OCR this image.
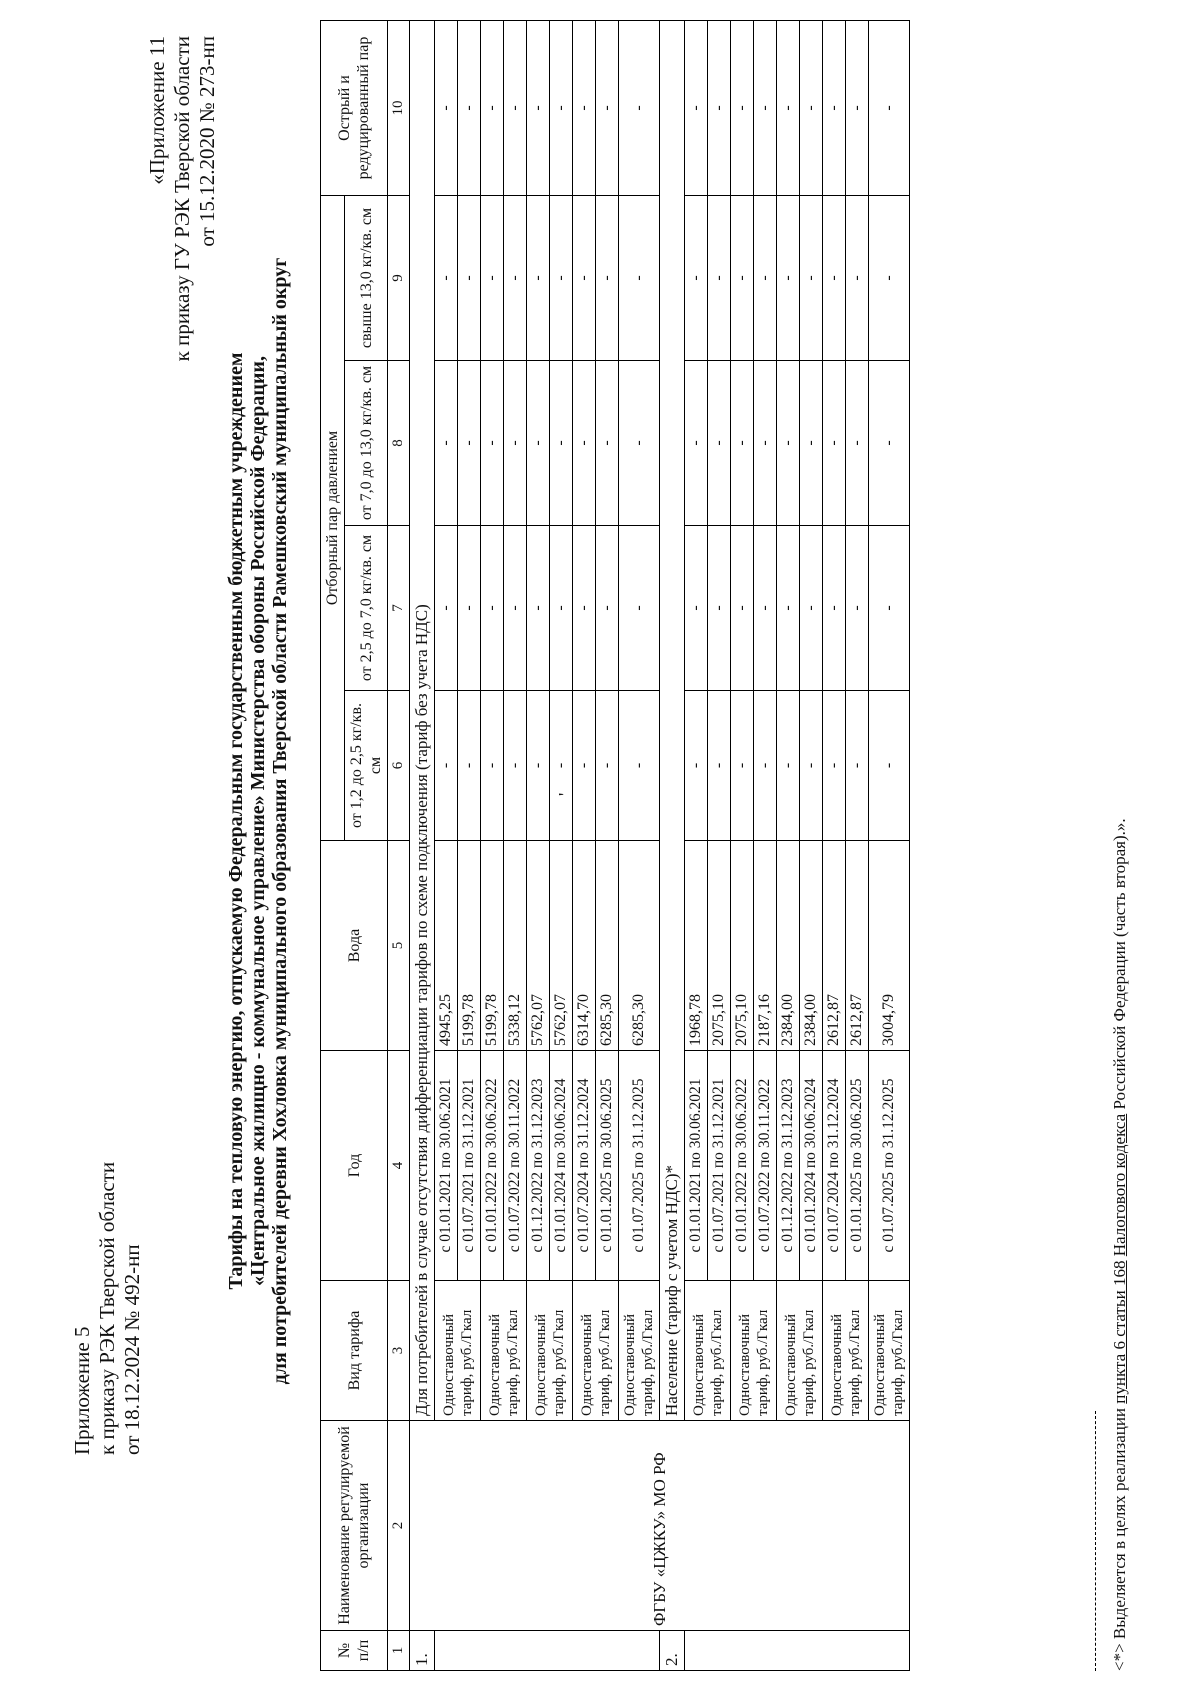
Приложение 5 к приказу РЭК Тверской области от 18.12.2024 № 492-нп
«Приложение 11 к приказу ГУ РЭК Тверской области от 15.12.2020 № 273-нп
Тарифы на тепловую энергию, отпускаемую Федеральным государственным бюджетным учреждением «Центральное жилищно - коммунальное управление» Министерства обороны Российской Федерации, для потребителей деревни Хохловка муниципального образования Тверской области Рамешковский муниципальный округ	'
№ п/п	Наименование регулируемой организации	Вид тарифа	Год	Вода	Отборный пар давлением				Острый и редуцированный пар
					от 1,2 до 2,5 кг/кв. см	от 2,5 до 7,0 кг/кв. см	от 7,0 до 13,0 кг/кв. см	свыше 13,0 кг/кв. см	
1	2	3	4	5	6	7	8	9	10
1.	ФГБУ «ЦЖКУ» МО РФ	Для потребителей в случае отсутствия дифференциации тарифов по схеме подключения (тариф без учета НДС)							
		Одноставочный тариф, руб./Гкал	с 01.01.2021 по 30.06.2021	4945,25	-	-	-	-	-
			с 01.07.2021 по 31.12.2021	5199,78	-	-	-	-	-
		Одноставочный тариф, руб./Гкал	с 01.01.2022 по 30.06.2022	5199,78	-	-	-	-	-
			с 01.07.2022 по 30.11.2022	5338,12	-	-	-	-	-
		Одноставочный тариф, руб./Гкал	с 01.12.2022 по 31.12.2023	5762,07	-	-	-	-	-
			с 01.01.2024 по 30.06.2024	5762,07	-	-	-	-	-
		Одноставочный тариф, руб./Гкал	с 01.07.2024 по 31.12.2024	6314,70	-	-	-	-	-
			с 01.01.2025 по 30.06.2025	6285,30	-	-	-	-	-
		Одноставочный тариф, руб./Гкал	с 01.07.2025 по 31.12.2025	6285,30	-	-	-	-	-
2.		Население (тариф с учетом НДС)*							
		Одноставочный тариф, руб./Гкал	с 01.01.2021 по 30.06.2021	1968,78	-	-	-	-	-
			с 01.07.2021 по 31.12.2021	2075,10	-	-	-	-	-
		Одноставочный тариф, руб./Гкал	с 01.01.2022 по 30.06.2022	2075,10	-	-	-	-	-
			с 01.07.2022 по 30.11.2022	2187,16	-	-	-	-	-
		Одноставочный тариф, руб./Гкал	с 01.12.2022 по 31.12.2023	2384,00	-	-	-	-	-
			с 01.01.2024 по 30.06.2024	2384,00	-	-	-	-	-
		Одноставочный тариф, руб./Гкал	с 01.07.2024 по 31.12.2024	2612,87	-	-	-	-	-
			с 01.01.2025 по 30.06.2025	2612,87	-	-	-	-	-
		Одноставочный тариф, руб./Гкал	с 01.07.2025 по 31.12.2025	3004,79	-	-	-	-	-
<*> Выделяется в целях реализации пункта 6 статьи 168 Налогового кодекса Российской Федерации (часть вторая).».
